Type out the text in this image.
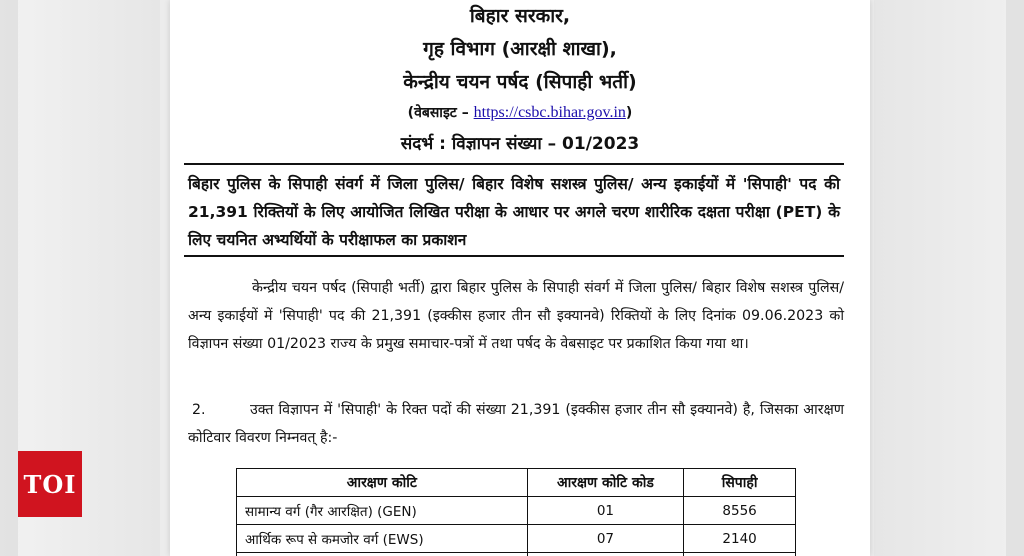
बिहार सरकार,
गृह विभाग (आरक्षी शाखा),
केन्द्रीय चयन पर्षद (सिपाही भर्ती)
(वेबसाइट – https://csbc.bihar.gov.in)
संदर्भ : विज्ञापन संख्या – 01/2023
बिहार पुलिस के सिपाही संवर्ग में जिला पुलिस/ बिहार विशेष सशस्त्र पुलिस/ अन्य इकाईयों में 'सिपाही' पद की 21,391 रिक्तियों के लिए आयोजित लिखित परीक्षा के आधार पर अगले चरण शारीरिक दक्षता परीक्षा (PET) के लिए चयनित अभ्यर्थियों के परीक्षाफल का प्रकाशन
केन्द्रीय चयन पर्षद (सिपाही भर्ती) द्वारा बिहार पुलिस के सिपाही संवर्ग में जिला पुलिस/ बिहार विशेष सशस्त्र पुलिस/ अन्य इकाईयों में 'सिपाही' पद की 21,391 (इक्कीस हजार तीन सौ इक्यानवे) रिक्तियों के लिए दिनांक 09.06.2023 को विज्ञापन संख्या 01/2023 राज्य के प्रमुख समाचार-पत्रों में तथा पर्षद के वेबसाइट पर प्रकाशित किया गया था।
2.	उक्त विज्ञापन में 'सिपाही' के रिक्त पदों की संख्या 21,391 (इक्कीस हजार तीन सौ इक्यानवे) है, जिसका आरक्षण कोटिवार विवरण निम्नवत् है:-
आरक्षण कोटि	आरक्षण कोटि कोड	सिपाही
सामान्य वर्ग (गैर आरक्षित) (GEN)	01	8556
आर्थिक रूप से कमजोर वर्ग (EWS)	07	2140

TOI
